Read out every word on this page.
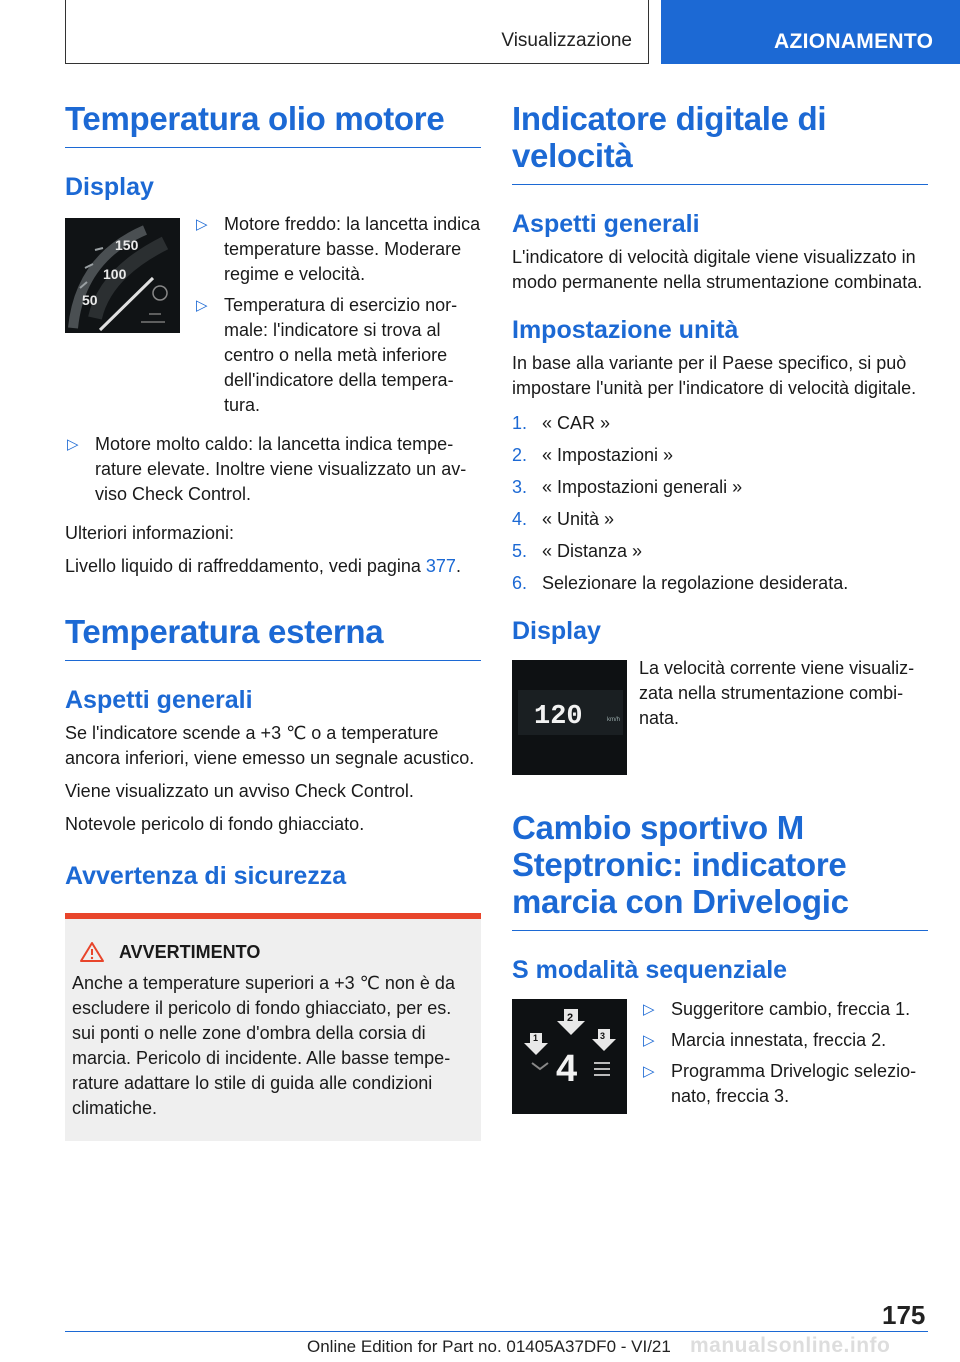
Visualizzazione	AZIONAMENTO
Temperatura olio motore
Display
150
100
50
▷ Motore freddo: la lancetta indica temperature basse. Moderare regime e velocità.
▷ Temperatura di esercizio normale: l'indicatore si trova al centro o nella metà inferiore dell'indicatore della temperatura.
▷ Motore molto caldo: la lancetta indica temperature elevate. Inoltre viene visualizzato un avviso Check Control.

Ulteriori informazioni:

Livello liquido di raffreddamento, vedi pagina 377.

Temperatura esterna
Aspetti generali

Se l'indicatore scende a +3 ℃ o a temperature ancora inferiori, viene emesso un segnale acustico.

Viene visualizzato un avviso Check Control.

Notevole pericolo di fondo ghiacciato.

Avvertenza di sicurezza
AVVERTIMENTO

Anche a temperature superiori a +3 ℃ non è da escludere il pericolo di fondo ghiacciato, per es. sui ponti o nelle zone d'ombra della corsia di marcia. Pericolo di incidente. Alle basse temperature adattare lo stile di guida alle condizioni climatiche.

Indicatore digitale di velocità
Aspetti generali

L'indicatore di velocità digitale viene visualizzato in modo permanente nella strumentazione combinata.

Impostazione unità

In base alla variante per il Paese specifico, si può impostare l'unità per l'indicatore di velocità digitale.

1. « CAR »
2. « Impostazioni »
3. « Impostazioni generali »
4. « Unità »
5. « Distanza »
6. Selezionare la regolazione desiderata.
Display
120	km/h

La velocità corrente viene visualizzata nella strumentazione combinata.

Cambio sportivo M Steptronic: indicatore marcia con Drivelogic
S modalità sequenziale
1
2
3
4
▷ Suggeritore cambio, freccia 1.
▷ Marcia innestata, freccia 2.
▷ Programma Drivelogic selezionato, freccia 3.
175
Online Edition for Part no. 01405A37DF0 - VI/21 manualsonline.info
